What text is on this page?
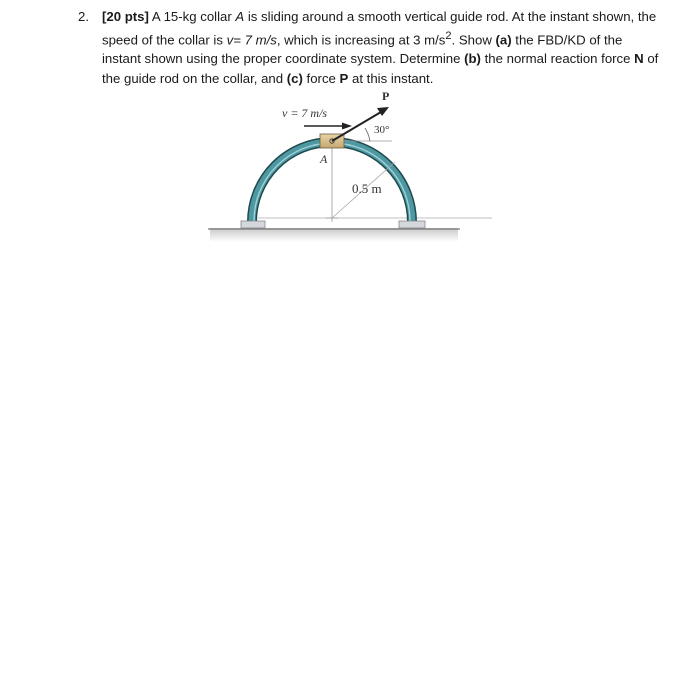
2. [20 pts] A 15-kg collar A is sliding around a smooth vertical guide rod. At the instant shown, the speed of the collar is v= 7 m/s, which is increasing at 3 $m/s^2$. Show (a) the FBD/KD of the instant shown using the proper coordinate system. Determine (b) the normal reaction force N of the guide rod on the collar, and (c) force P at this instant.
0.5 m
A
v = 7 m/s
P
30°
